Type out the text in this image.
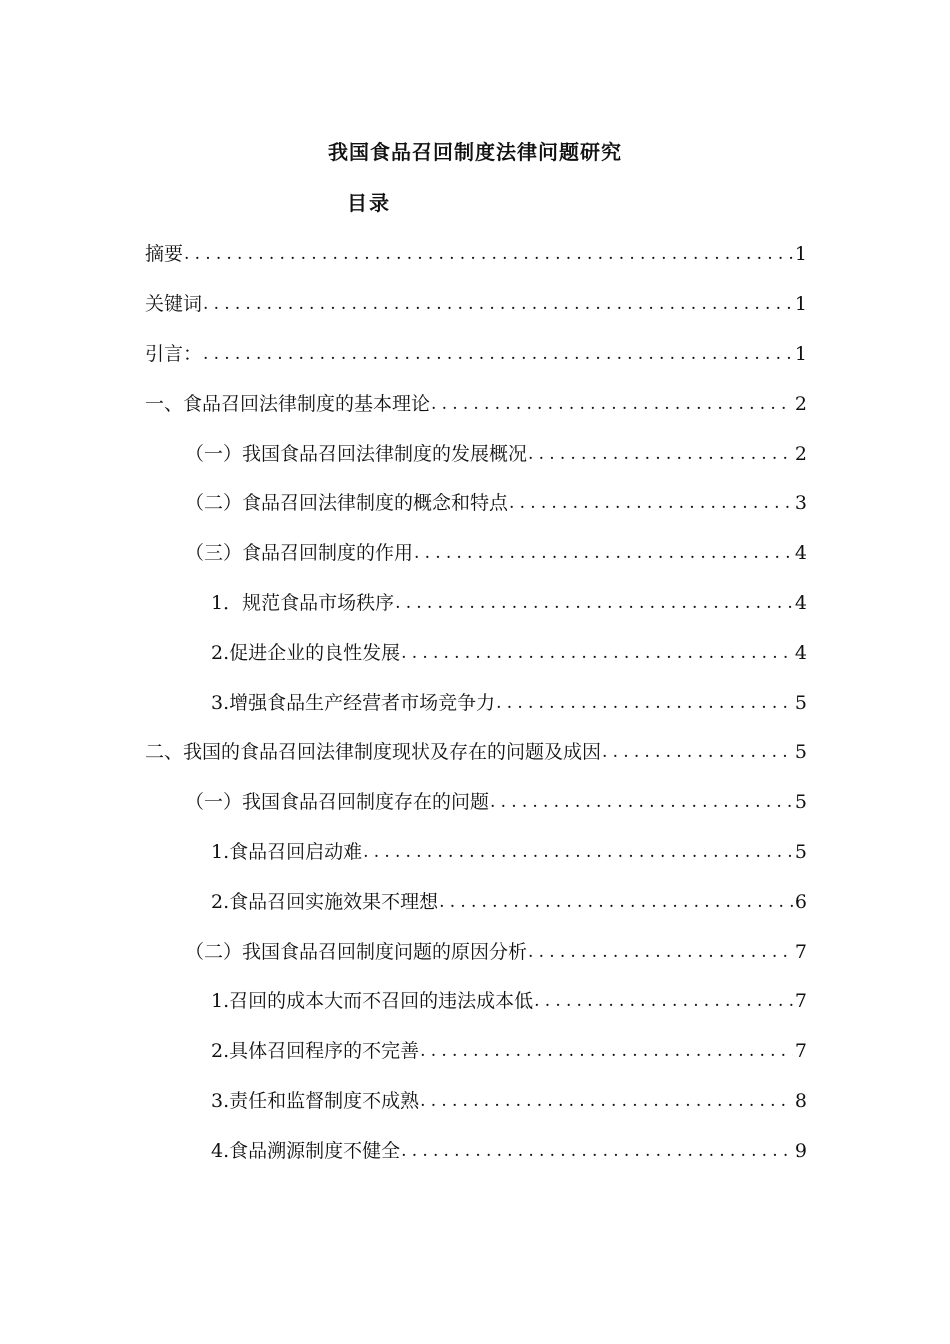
我国食品召回制度法律问题研究
目录
摘要 .....	1
关键词 .....	1
引言： .....	1
一、食品召回法律制度的基本理论 .....	2
（一）我国食品召回法律制度的发展概况 .....	2
（二）食品召回法律制度的概念和特点 .....	3
（三）食品召回制度的作用 .....	4
1．规范食品市场秩序 .....	4
2.促进企业的良性发展 .....	4
3.增强食品生产经营者市场竞争力 .....	5
二、我国的食品召回法律制度现状及存在的问题及成因 .....	5
（一）我国食品召回制度存在的问题 .....	5
1.食品召回启动难 .....	5
2.食品召回实施效果不理想 .....	6
（二）我国食品召回制度问题的原因分析 .....	7
1.召回的成本大而不召回的违法成本低 .....	7
2.具体召回程序的不完善 .....	7
3.责任和监督制度不成熟 .....	8
4.食品溯源制度不健全 .....	9
